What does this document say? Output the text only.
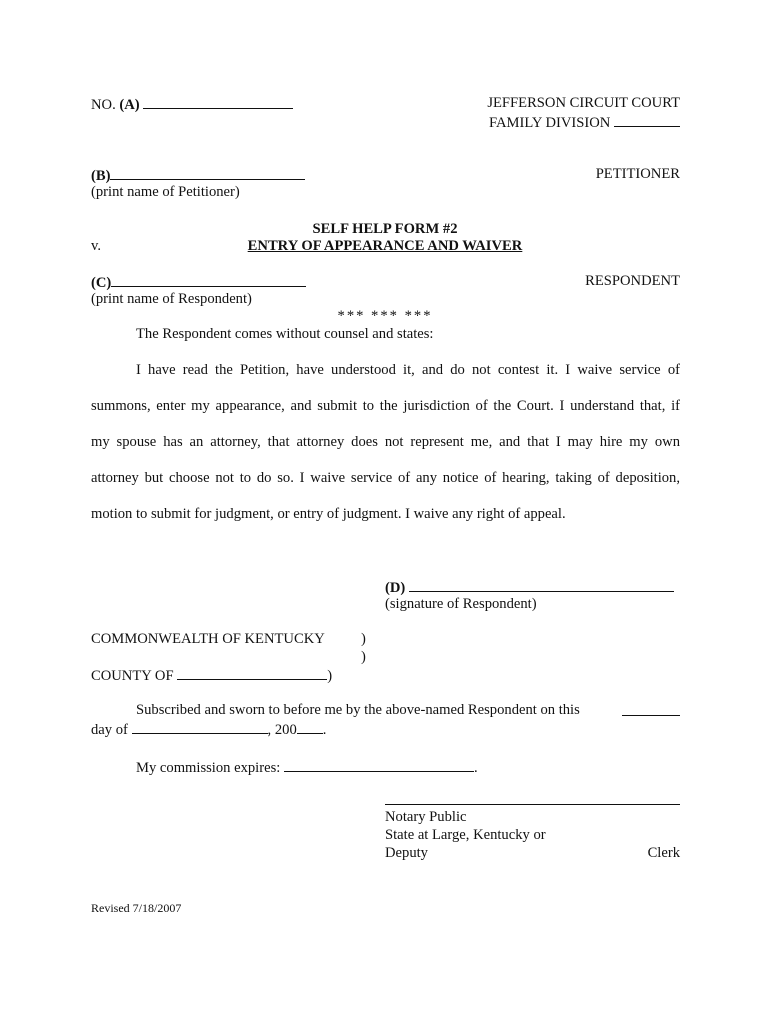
NO. (A)	JEFFERSON CIRCUIT COURT
FAMILY DIVISION
(B)
(print name of Petitioner)
PETITIONER
SELF HELP FORM #2
ENTRY OF APPEARANCE AND WAIVER
v.
(C)
(print name of Respondent)
RESPONDENT
*** *** ***
The Respondent comes without counsel and states:
I have read the Petition, have understood it, and do not contest it. I waive service of
summons, enter my appearance, and submit to the jurisdiction of the Court. I understand that, if
my spouse has an attorney, that attorney does not represent me, and that I may hire my own
attorney but choose not to do so. I waive service of any notice of hearing, taking of deposition,
motion to submit for judgment, or entry of judgment. I waive any right of appeal.
(D)
(signature of Respondent)
COMMONWEALTH OF KENTUCKY )
)
COUNTY OF	)
Subscribed and sworn to before me by the above-named Respondent on this
day of	, 200 .
My commission expires:	.
Notary Public
State at Large, Kentucky or
Deputy	Clerk
Revised 7/18/2007
